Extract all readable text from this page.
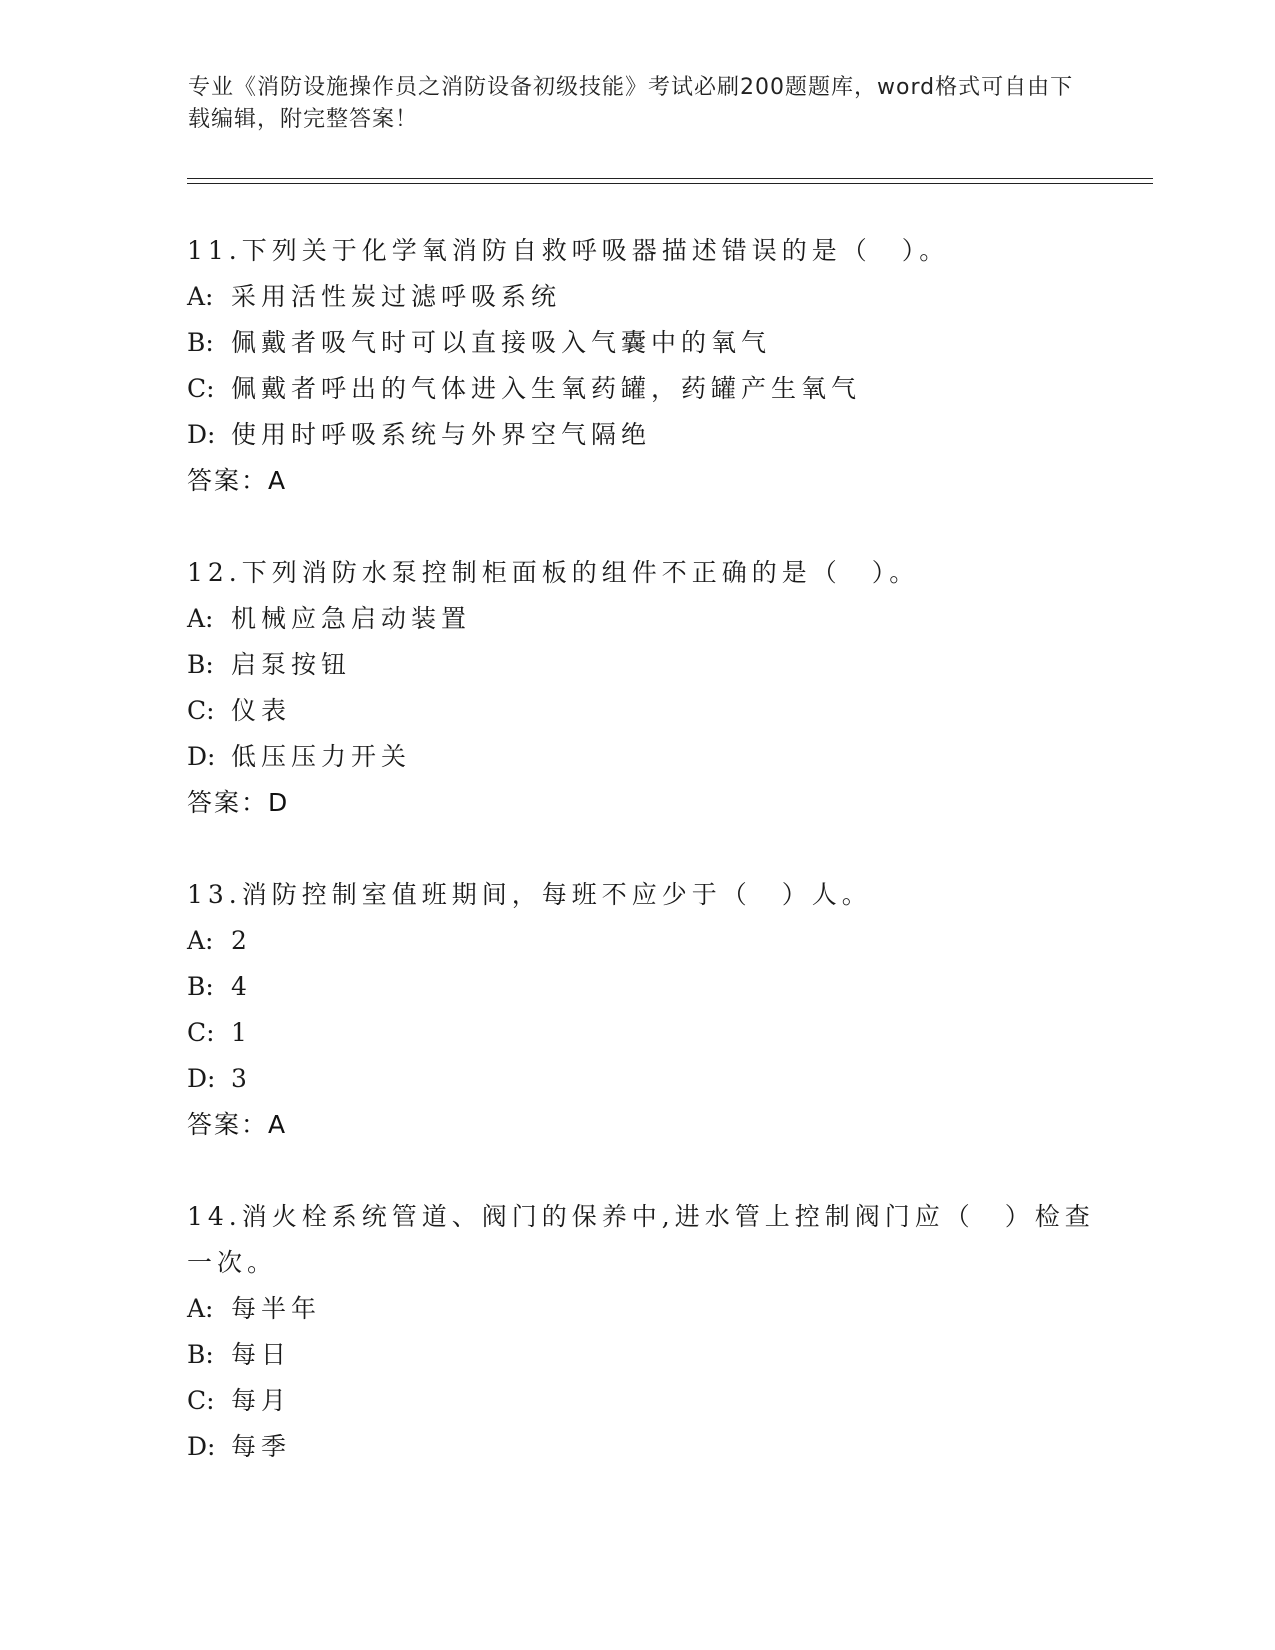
专业《消防设施操作员之消防设备初级技能》考试必刷200题题库，word格式可自由下载编辑，附完整答案！
11.下列关于化学氧消防自救呼吸器描述错误的是（　）。
A: 采用活性炭过滤呼吸系统
B: 佩戴者吸气时可以直接吸入气囊中的氧气
C: 佩戴者呼出的气体进入生氧药罐，药罐产生氧气
D: 使用时呼吸系统与外界空气隔绝
答案：A
12.下列消防水泵控制柜面板的组件不正确的是（　）。
A: 机械应急启动装置
B: 启泵按钮
C: 仪表
D: 低压压力开关
答案：D
13.消防控制室值班期间，每班不应少于（　）人。
A: 2
B: 4
C: 1
D: 3
答案：A
14.消火栓系统管道、阀门的保养中,进水管上控制阀门应（　）检查一次。
A: 每半年
B: 每日
C: 每月
D: 每季
